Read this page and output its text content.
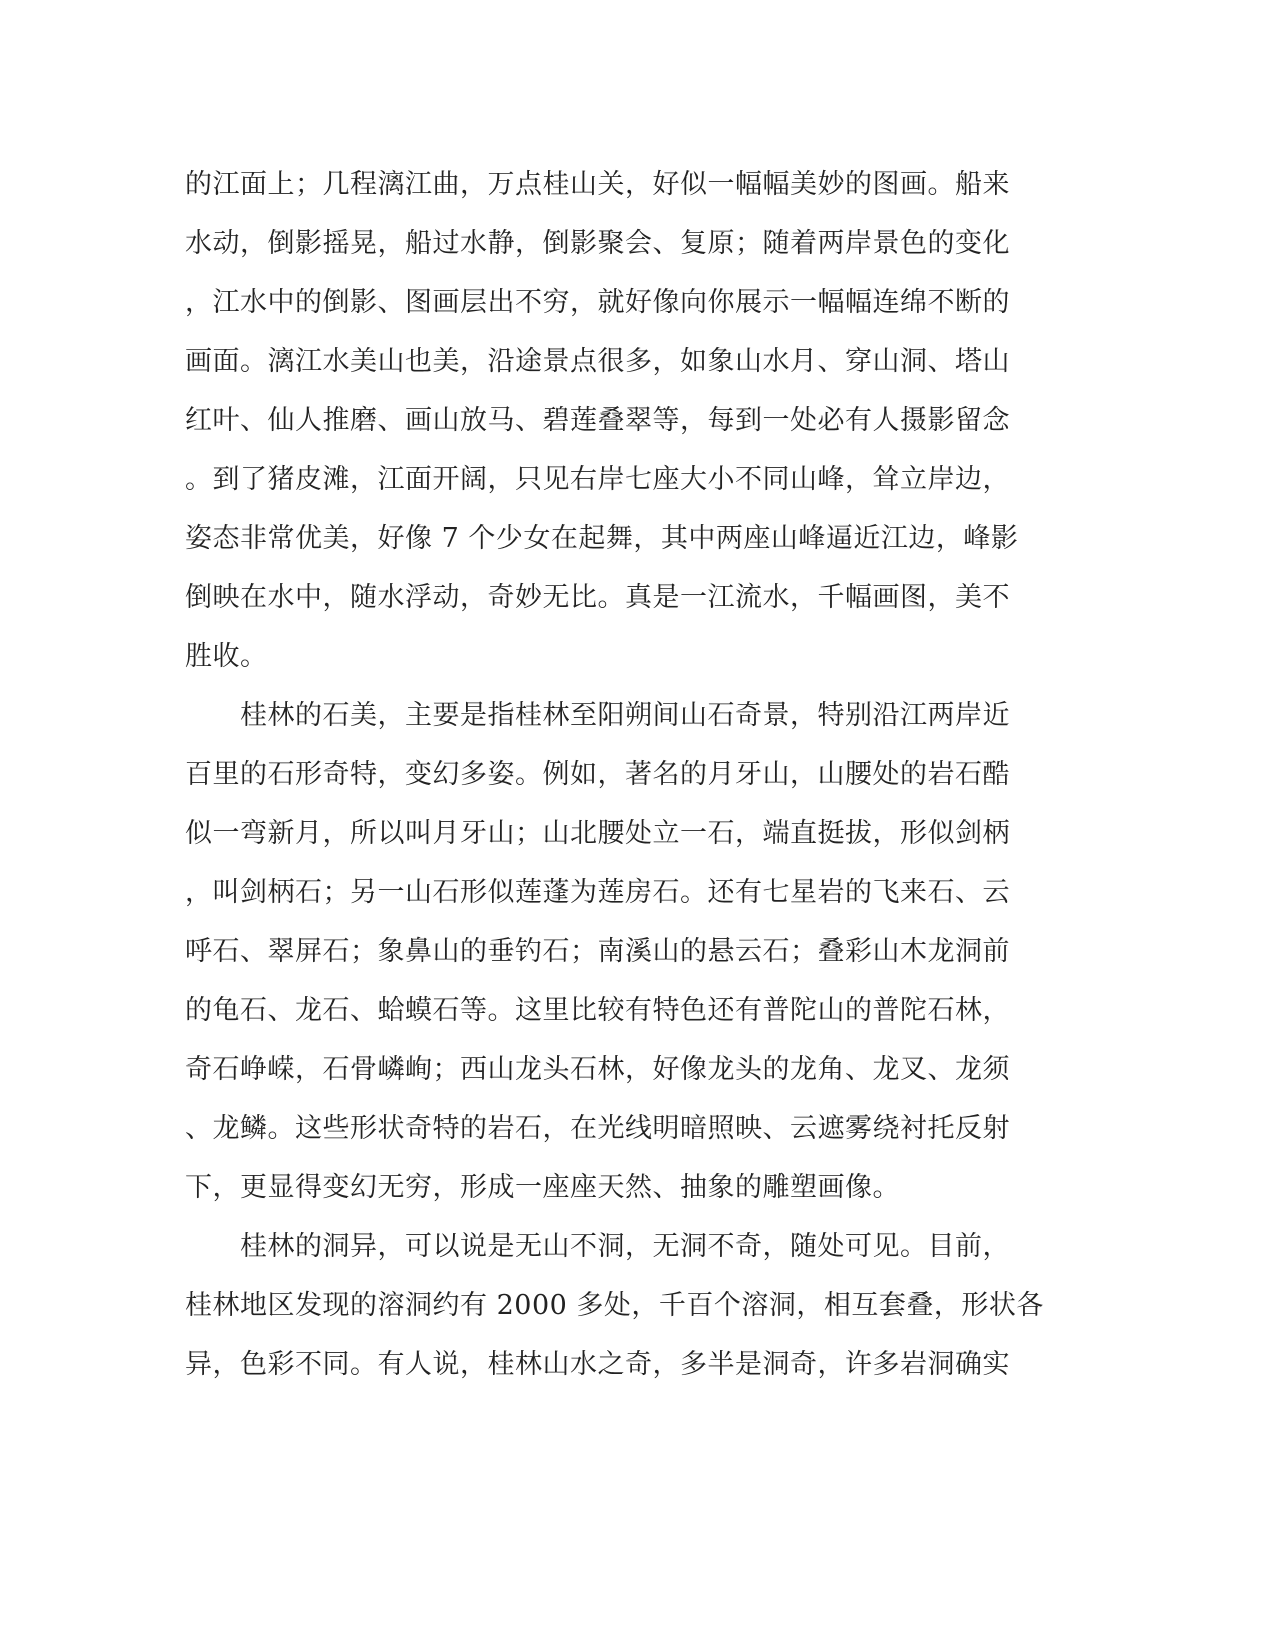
的江面上；几程漓江曲，万点桂山关，好似一幅幅美妙的图画。船来
水动，倒影摇晃，船过水静，倒影聚会、复原；随着两岸景色的变化
，江水中的倒影、图画层出不穷，就好像向你展示一幅幅连绵不断的
画面。漓江水美山也美，沿途景点很多，如象山水月、穿山洞、塔山
红叶、仙人推磨、画山放马、碧莲叠翠等，每到一处必有人摄影留念
。到了猪皮滩，江面开阔，只见右岸七座大小不同山峰，耸立岸边，
姿态非常优美，好像 7 个少女在起舞，其中两座山峰逼近江边，峰影
倒映在水中，随水浮动，奇妙无比。真是一江流水，千幅画图，美不
胜收。
　　桂林的石美，主要是指桂林至阳朔间山石奇景，特别沿江两岸近
百里的石形奇特，变幻多姿。例如，著名的月牙山，山腰处的岩石酷
似一弯新月，所以叫月牙山；山北腰处立一石，端直挺拔，形似剑柄
，叫剑柄石；另一山石形似莲蓬为莲房石。还有七星岩的飞来石、云
呼石、翠屏石；象鼻山的垂钓石；南溪山的悬云石；叠彩山木龙洞前
的龟石、龙石、蛤蟆石等。这里比较有特色还有普陀山的普陀石林，
奇石峥嵘，石骨嶙峋；西山龙头石林，好像龙头的龙角、龙叉、龙须
、龙鳞。这些形状奇特的岩石，在光线明暗照映、云遮雾绕衬托反射
下，更显得变幻无穷，形成一座座天然、抽象的雕塑画像。
　　桂林的洞异，可以说是无山不洞，无洞不奇，随处可见。目前，
桂林地区发现的溶洞约有 2000 多处，千百个溶洞，相互套叠，形状各
异，色彩不同。有人说，桂林山水之奇，多半是洞奇，许多岩洞确实
